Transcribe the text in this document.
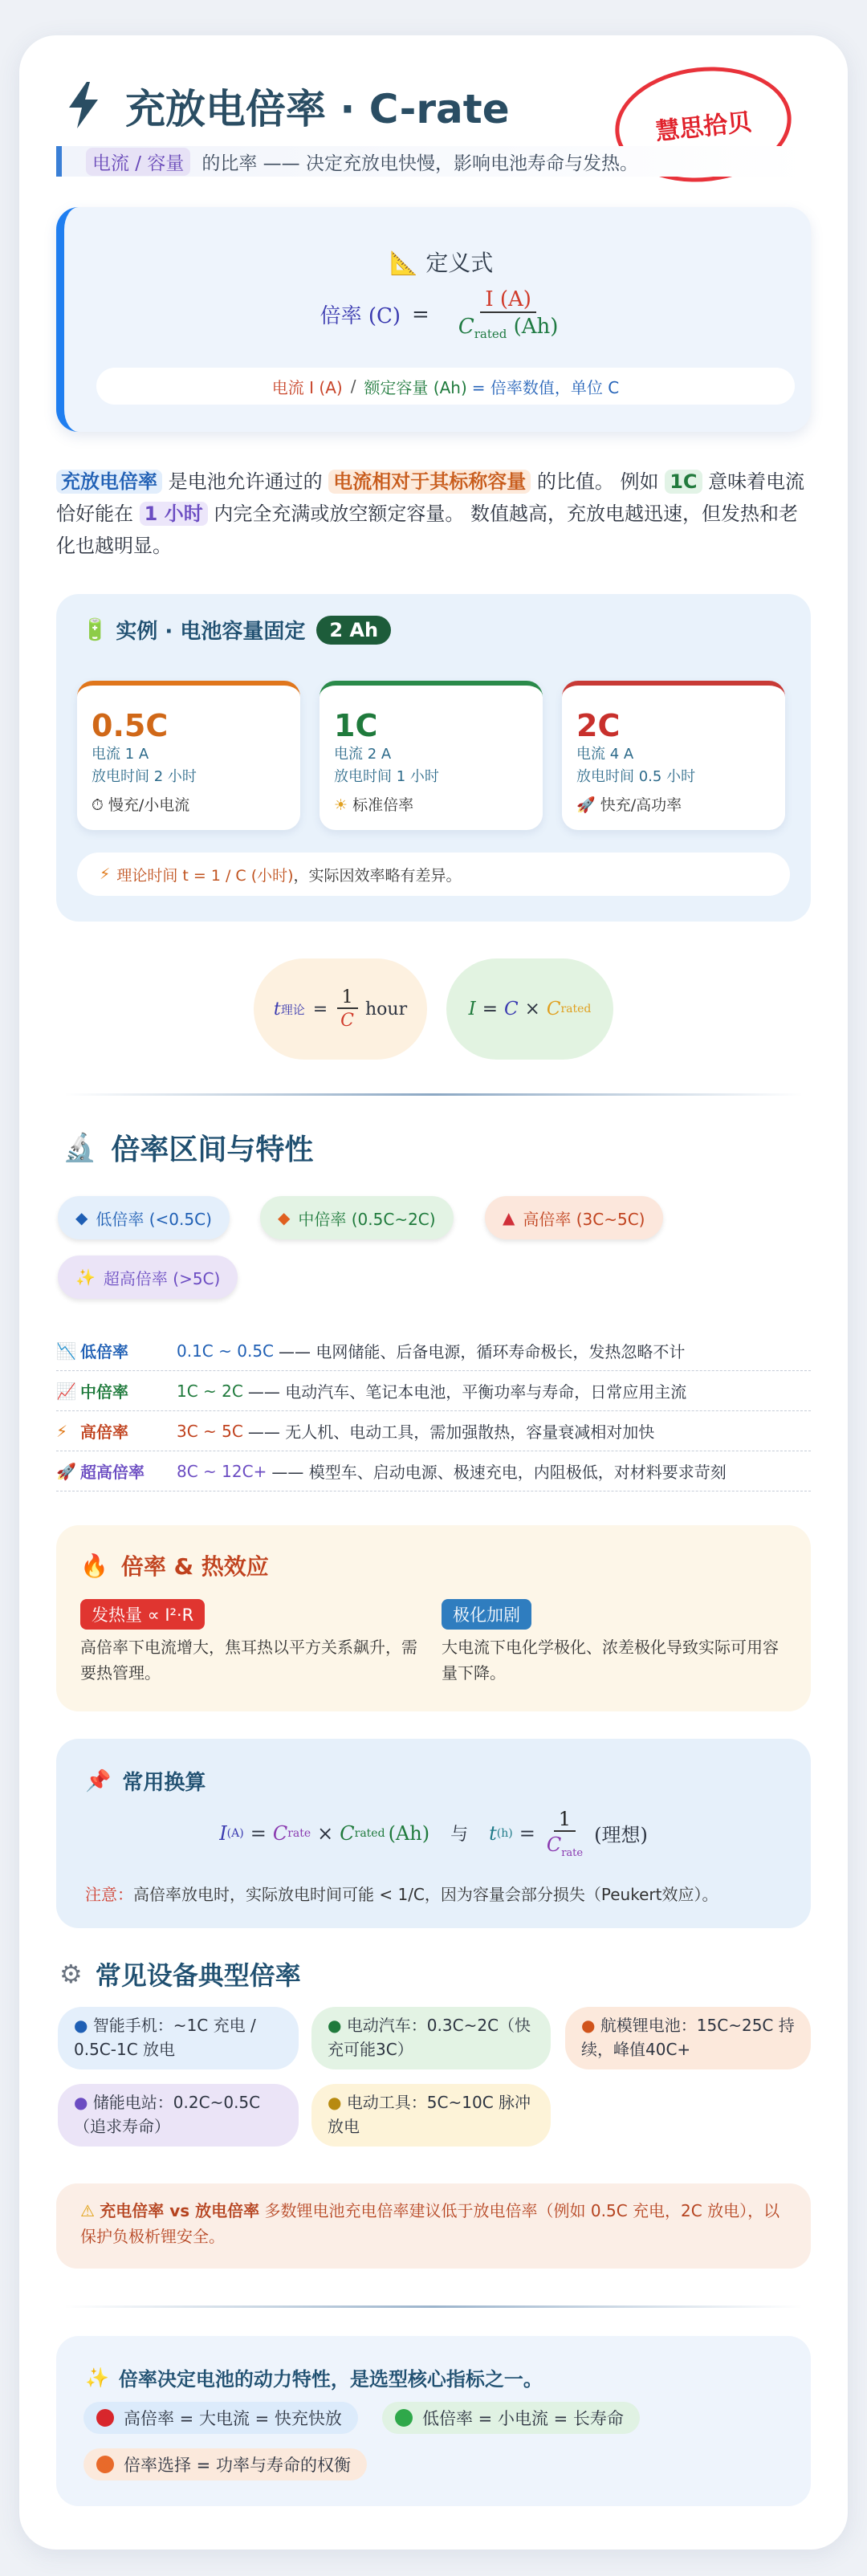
充放电倍率 · C-rate	慧思拾贝
电流 / 容量 的比率 —— 决定充放电快慢，影响电池寿命与发热。
📐 定义式
倍率 $(C) = \frac{I (A)}{C_{rated} (Ah)}$
电流 I (A) / 额定容量 (Ah) = 倍率数值，单位 C
充放电倍率 是电池允许通过的 电流相对于其标称容量 的比值。 例如 1C 意味着电流恰好能在 1 小时 内完全充满或放空额定容量。 数值越高，充放电越迅速，但发热和老化也越明显。
🔋 实例 · 电池容量固定	2 Ah
0.5C
电流 1 A
放电时间 2 小时
⏱ 慢充/小电流
1C
电流 2 A
放电时间 1 小时
☀ 标准倍率
2C
电流 4 A
放电时间 0.5 小时
🚀 快充/高功率
⚡ 理论时间 t = 1 / C (小时) ，实际因效率略有差异。
t 理论 = $\frac{1}{C}$ hour	I = C × C rated
🔬 倍率区间与特性
◆ 低倍率 (<0.5C)	◆ 中倍率 (0.5C~2C)	▲ 高倍率 (3C~5C)
✨ 超高倍率 (>5C)
📉 低倍率	0.1C ~ 0.5C —— 电网储能、后备电源，循环寿命极长，发热忽略不计
📈 中倍率	1C ~ 2C —— 电动汽车、笔记本电池，平衡功率与寿命，日常应用主流
⚡ 高倍率	3C ~ 5C —— 无人机、电动工具，需加强散热，容量衰减相对加快
🚀 超高倍率 8C ~ 12C+ —— 模型车、启动电源、极速充电，内阻极低，对材料要求苛刻
🔥 倍率 & 热效应
发热量 ∝ I²·R
高倍率下电流增大，焦耳热以平方关系飙升，需要热管理。
极化加剧
大电流下电化学极化、浓差极化导致实际可用容量下降。
📌 常用换算
I (A) = C rate × C rated (Ah) 与 t $(h) = \frac{1}{C_{rate}}$ (理想)
注意：高倍率放电时，实际放电时间可能 < 1/C，因为容量会部分损失（Peukert效应）。
⚙ 常见设备典型倍率
● 智能手机：~1C 充电 / 0.5C-1C 放电
● 电动汽车：0.3C~2C（快充可能3C）
● 航模锂电池：15C~25C 持续，峰值40C+
● 储能电站：0.2C~0.5C（追求寿命）
● 电动工具：5C~10C 脉冲放电
⚠ 充电倍率 vs 放电倍率 多数锂电池充电倍率建议低于放电倍率（例如 0.5C 充电，2C 放电），以保护负极析锂安全。
✨ 倍率决定电池的动力特性，是选型核心指标之一。
高倍率 = 大电流 = 快充快放	低倍率 = 小电流 = 长寿命
倍率选择 = 功率与寿命的权衡
